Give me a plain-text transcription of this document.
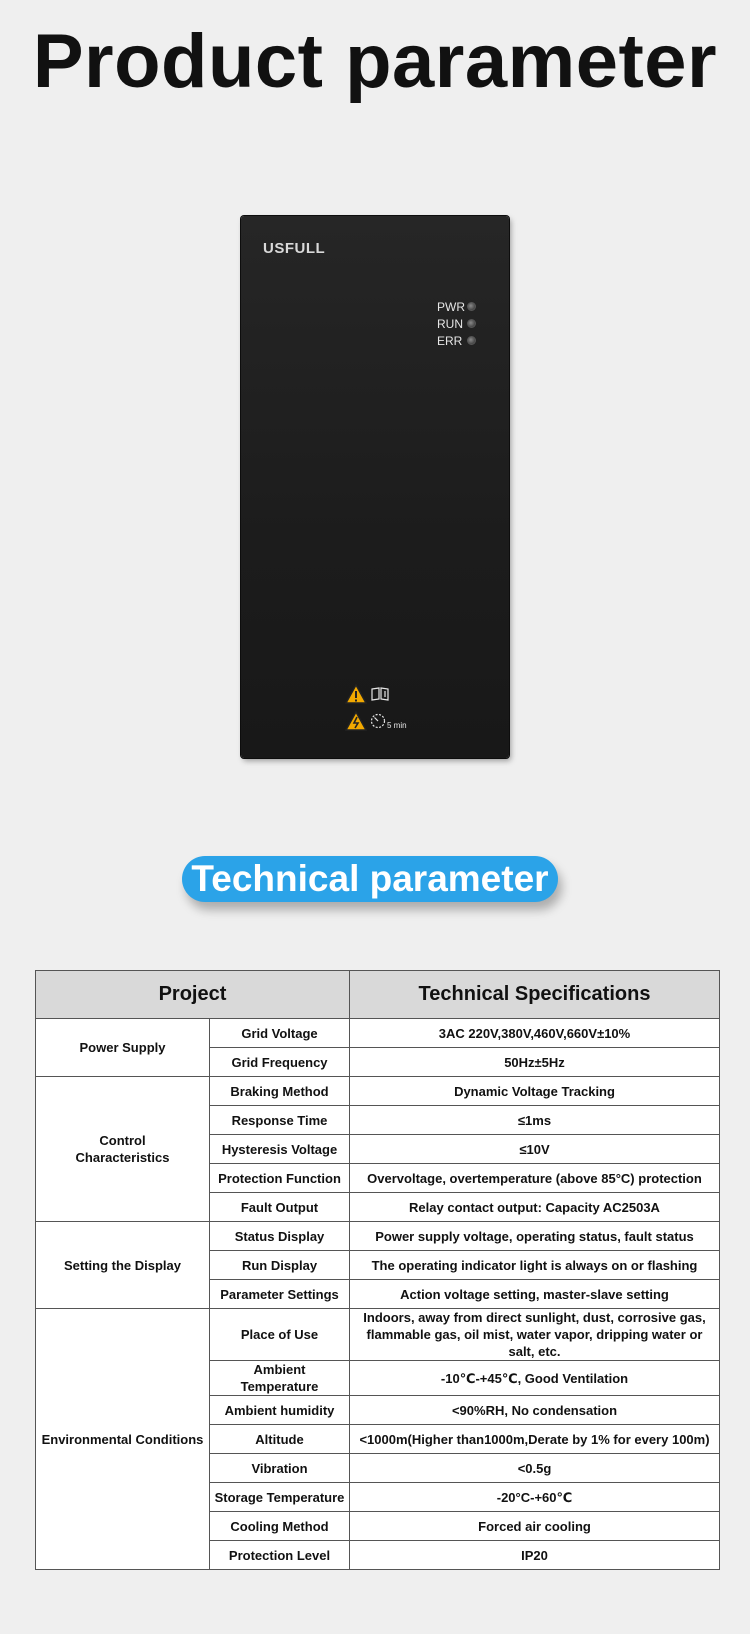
Product parameter
USFULL
PWR
RUN
ERR
5 min
Technical parameter
Project		Technical Specifications
Power Supply	Grid Voltage	3AC 220V,380V,460V,660V±10%
	Grid Frequency	50Hz±5Hz
Control Characteristics	Braking Method	Dynamic Voltage Tracking
	Response Time	≤1ms
	Hysteresis Voltage	≤10V
	Protection Function	Overvoltage, overtemperature (above 85°C) protection
	Fault Output	Relay contact output: Capacity AC2503A
Setting the Display	Status Display	Power supply voltage, operating status, fault status
	Run Display	The operating indicator light is always on or flashing
	Parameter Settings	Action voltage setting, master-slave setting
Environmental Conditions	Place of Use	Indoors, away from direct sunlight, dust, corrosive gas, flammable gas, oil mist, water vapor, dripping water or salt, etc.
	Ambient Temperature	-10℃-+45℃, Good Ventilation
	Ambient humidity	<90%RH, No condensation
	Altitude	<1000m(Higher than1000m,Derate by 1% for every 100m)
	Vibration	<0.5g
	Storage Temperature	-20°C-+60℃
	Cooling Method	Forced air cooling
	Protection Level	IP20
